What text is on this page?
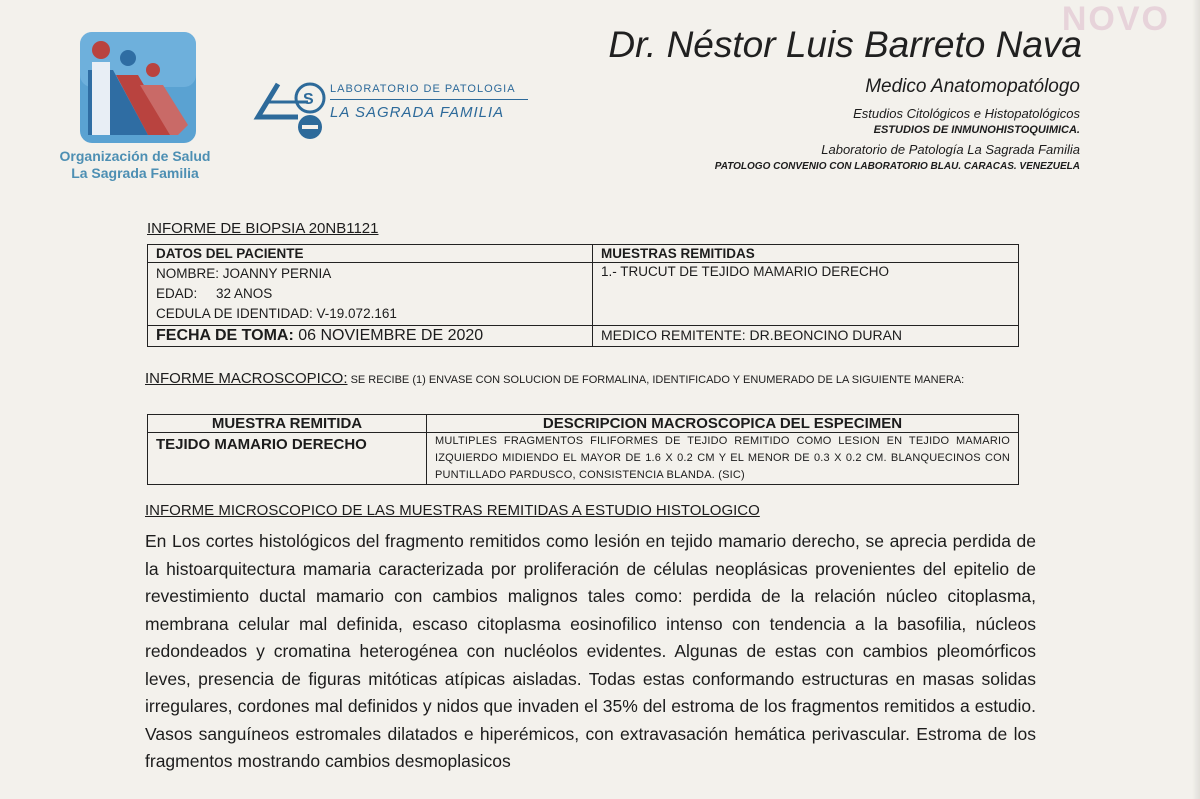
NOVO
Organización de Salud
La Sagrada Familia
S
LABORATORIO DE PATOLOGIA
LA SAGRADA FAMILIA
Dr. Néstor Luis Barreto Nava
Medico Anatomopatólogo
Estudios Citológicos e Histopatológicos
ESTUDIOS DE INMUNOHISTOQUIMICA.
Laboratorio de Patología La Sagrada Familia
PATOLOGO CONVENIO CON LABORATORIO BLAU. CARACAS. VENEZUELA
INFORME DE BIOPSIA 20NB1121
DATOS DEL PACIENTE	MUESTRAS REMITIDAS

NOMBRE: JOANNY PERNIA
EDAD:     32 ANOS
CEDULA DE IDENTIDAD: V-19.072.161	1.- TRUCUT DE TEJIDO MAMARIO DERECHO
FECHA DE TOMA: 06 NOVIEMBRE DE 2020	MEDICO REMITENTE: DR.BEONCINO DURAN
INFORME MACROSCOPICO: SE RECIBE (1) ENVASE CON SOLUCION DE FORMALINA, IDENTIFICADO Y ENUMERADO DE LA SIGUIENTE MANERA:
MUESTRA REMITIDA	DESCRIPCION MACROSCOPICA DEL ESPECIMEN
TEJIDO MAMARIO DERECHO	MULTIPLES FRAGMENTOS FILIFORMES DE TEJIDO REMITIDO COMO LESION EN TEJIDO MAMARIO IZQUIERDO MIDIENDO EL MAYOR DE 1.6 X 0.2 CM Y EL MENOR DE 0.3 X 0.2 CM. BLANQUECINOS CON PUNTILLADO PARDUSCO, CONSISTENCIA BLANDA. (SIC)
INFORME MICROSCOPICO DE LAS MUESTRAS REMITIDAS A ESTUDIO HISTOLOGICO
En Los cortes histológicos del fragmento remitidos como lesión en tejido mamario derecho, se aprecia perdida de la histoarquitectura mamaria caracterizada por proliferación de células neoplásicas provenientes del epitelio de revestimiento ductal mamario con cambios malignos tales como: perdida de la relación núcleo citoplasma, membrana celular mal definida, escaso citoplasma eosinofilico intenso con tendencia a la basofilia, núcleos redondeados y cromatina heterogénea con nucléolos evidentes. Algunas de estas con cambios pleomórficos leves, presencia de figuras mitóticas atípicas aisladas. Todas estas conformando estructuras en masas solidas irregulares, cordones mal definidos y nidos que invaden el 35% del estroma de los fragmentos remitidos a estudio. Vasos sanguíneos estromales dilatados e hiperémicos, con extravasación hemática perivascular. Estroma de los fragmentos mostrando cambios desmoplasicos
